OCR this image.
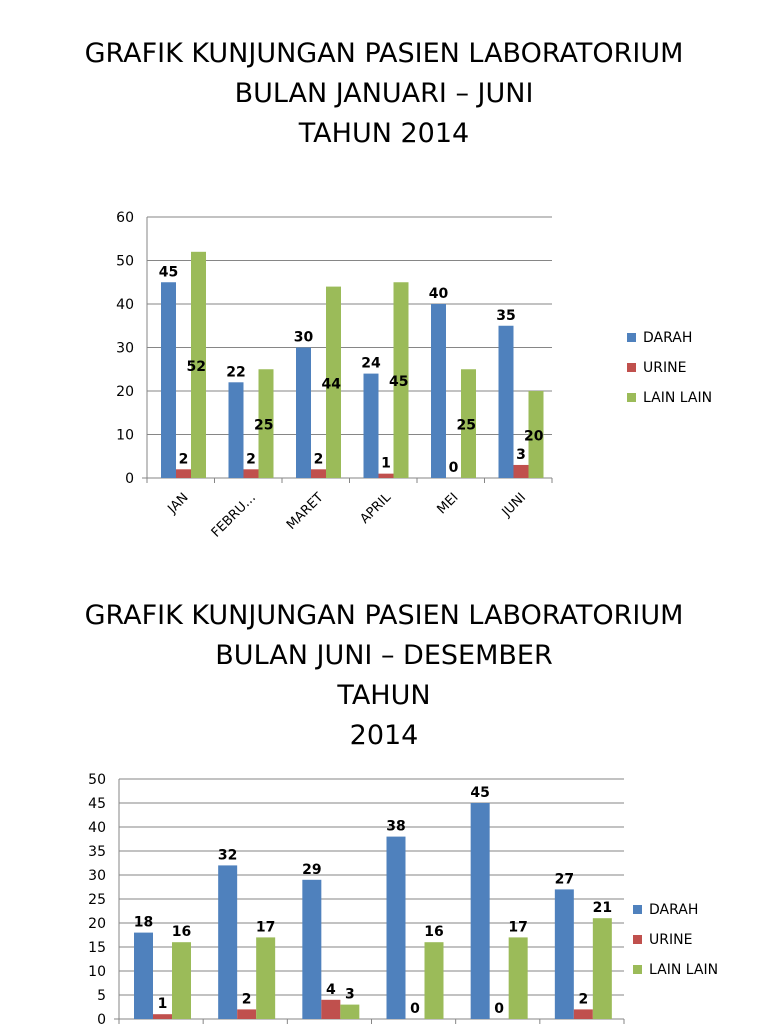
GRAFIK KUNJUNGAN PASIEN LABORATORIUM
BULAN JANUARI – JUNI
TAHUN 2014
0
10
20
30
40
50
60
45
22
30
24
40
35
2	2	2	1	0
3
52
25
44	45
25
20
JAN FEBRU… MARET APRIL	MEI	JUNI
DARAH
URINE
LAIN LAIN
GRAFIK KUNJUNGAN PASIEN LABORATORIUM
BULAN JUNI – DESEMBER
TAHUN
2014
0
5
10
15
20
25
30
35
40
45
50
18
32
29
38
45
27
1	2
4
0	0
2
16	17
3
16	17
21	DARAH
URINE
LAIN LAIN
